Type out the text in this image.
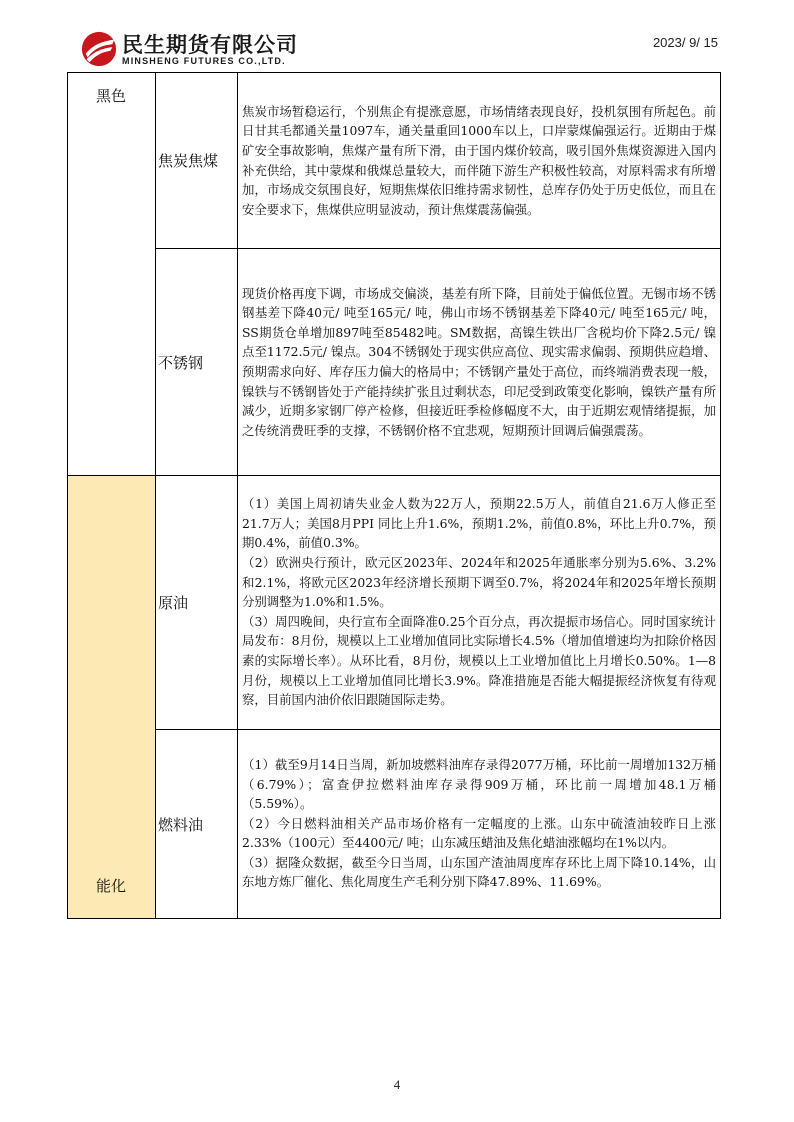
民生期货有限公司
MINSHENG FUTURES CO.,LTD.
2023/ 9/ 15
黑色	焦炭焦煤	焦炭市场暂稳运行，个别焦企有提涨意愿，市场情绪表现良好，投机氛围有所起色。前日甘其毛都通关量1097车，通关量重回1000车以上，口岸蒙煤偏强运行。近期由于煤矿安全事故影响，焦煤产量有所下滑，由于国内煤价较高，吸引国外焦煤资源进入国内补充供给，其中蒙煤和俄煤总量较大，而伴随下游生产积极性较高，对原料需求有所增加，市场成交氛围良好，短期焦煤依旧维持需求韧性，总库存仍处于历史低位，而且在安全要求下，焦煤供应明显波动，预计焦煤震荡偏强。

	不锈钢	现货价格再度下调，市场成交偏淡，基差有所下降，目前处于偏低位置。无锡市场不锈钢基差下降40元/ 吨至165元/ 吨，佛山市场不锈钢基差下降40元/ 吨至165元/ 吨，SS期货仓单增加897吨至85482吨。SM数据，高镍生铁出厂含税均价下降2.5元/ 镍点至1172.5元/ 镍点。304不锈钢处于现实供应高位、现实需求偏弱、预期供应趋增、预期需求向好、库存压力偏大的格局中；不锈钢产量处于高位，而终端消费表现一般，镍铁与不锈钢皆处于产能持续扩张且过剩状态，印尼受到政策变化影响，镍铁产量有所减少，近期多家钢厂停产检修，但接近旺季检修幅度不大，由于近期宏观情绪提振，加之传统消费旺季的支撑，不锈钢价格不宜悲观，短期预计回调后偏强震荡。

能化	原油	（1）美国上周初请失业金人数为22万人，预期22.5万人，前值自21.6万人修正至21.7万人；美国8月PPI 同比上升1.6%，预期1.2%，前值0.8%，环比上升0.7%，预期0.4%，前值0.3%。

（2）欧洲央行预计，欧元区2023年、2024年和2025年通胀率分别为5.6%、3.2%和2.1%，将欧元区2023年经济增长预期下调至0.7%，将2024年和2025年增长预期分别调整为1.0%和1.5%。

（3）周四晚间，央行宣布全面降准0.25个百分点，再次提振市场信心。同时国家统计局发布：8月份，规模以上工业增加值同比实际增长4.5%（增加值增速均为扣除价格因素的实际增长率）。从环比看，8月份，规模以上工业增加值比上月增长0.50%。1—8月份，规模以上工业增加值同比增长3.9%。降准措施是否能大幅提振经济恢复有待观察，目前国内油价依旧跟随国际走势。

	燃料油	（1）截至9月14日当周，新加坡燃料油库存录得2077万桶，环比前一周增加132万桶（6.79%）；富查伊拉燃料油库存录得909万桶，环比前一周增加48.1万桶（5.59%）。

（2）今日燃料油相关产品市场价格有一定幅度的上涨。山东中硫渣油较昨日上涨2.33%（100元）至4400元/ 吨；山东减压蜡油及焦化蜡油涨幅均在1%以内。

（3）据隆众数据，截至今日当周，山东国产渣油周度库存环比上周下降10.14%，山东地方炼厂催化、焦化周度生产毛利分别下降47.89%、11.69%。

4
